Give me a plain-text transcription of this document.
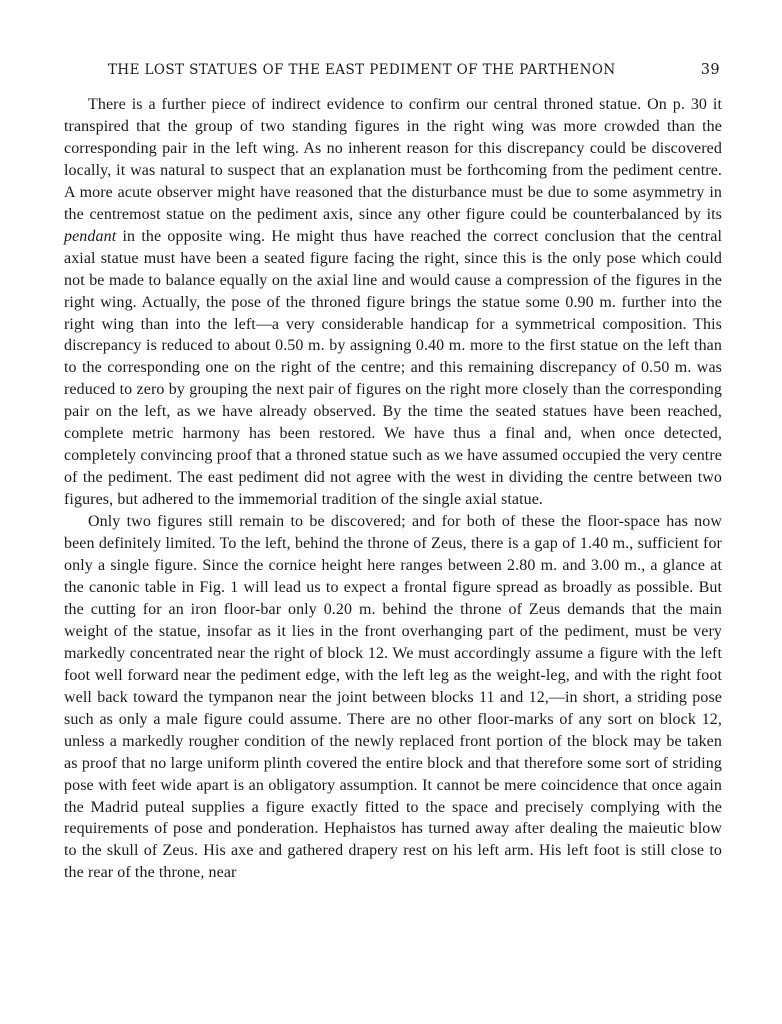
THE LOST STATUES OF THE EAST PEDIMENT OF THE PARTHENON	39

There is a further piece of indirect evidence to confirm our central throned statue. On p. 30 it transpired that the group of two standing figures in the right wing was more crowded than the corresponding pair in the left wing. As no inherent reason for this discrepancy could be discovered locally, it was natural to suspect that an explanation must be forthcoming from the pediment centre. A more acute observer might have reasoned that the disturbance must be due to some asymmetry in the centremost statue on the pediment axis, since any other figure could be counterbalanced by its pendant in the opposite wing. He might thus have reached the correct conclusion that the central axial statue must have been a seated figure facing the right, since this is the only pose which could not be made to balance equally on the axial line and would cause a compression of the figures in the right wing. Actually, the pose of the throned figure brings the statue some 0.90 m. further into the right wing than into the left—a very considerable handicap for a symmetrical composition. This discrepancy is reduced to about 0.50 m. by assigning 0.40 m. more to the first statue on the left than to the corresponding one on the right of the centre; and this remaining discrepancy of 0.50 m. was reduced to zero by grouping the next pair of figures on the right more closely than the corresponding pair on the left, as we have already observed. By the time the seated statues have been reached, complete metric harmony has been restored. We have thus a final and, when once detected, completely convincing proof that a throned statue such as we have assumed occupied the very centre of the pediment. The east pediment did not agree with the west in dividing the centre between two figures, but adhered to the immemorial tradition of the single axial statue.

Only two figures still remain to be discovered; and for both of these the floor-space has now been definitely limited. To the left, behind the throne of Zeus, there is a gap of 1.40 m., sufficient for only a single figure. Since the cornice height here ranges between 2.80 m. and 3.00 m., a glance at the canonic table in Fig. 1 will lead us to expect a frontal figure spread as broadly as possible. But the cutting for an iron floor-bar only 0.20 m. behind the throne of Zeus demands that the main weight of the statue, insofar as it lies in the front overhanging part of the pediment, must be very markedly concentrated near the right of block 12. We must accordingly assume a figure with the left foot well forward near the pediment edge, with the left leg as the weight-leg, and with the right foot well back toward the tympanon near the joint between blocks 11 and 12,—in short, a striding pose such as only a male figure could assume. There are no other floor-marks of any sort on block 12, unless a markedly rougher condition of the newly replaced front portion of the block may be taken as proof that no large uniform plinth covered the entire block and that therefore some sort of striding pose with feet wide apart is an obligatory assumption. It cannot be mere coincidence that once again the Madrid puteal supplies a figure exactly fitted to the space and precisely complying with the requirements of pose and ponderation. Hephaistos has turned away after dealing the maieutic blow to the skull of Zeus. His axe and gathered drapery rest on his left arm. His left foot is still close to the rear of the throne, near
